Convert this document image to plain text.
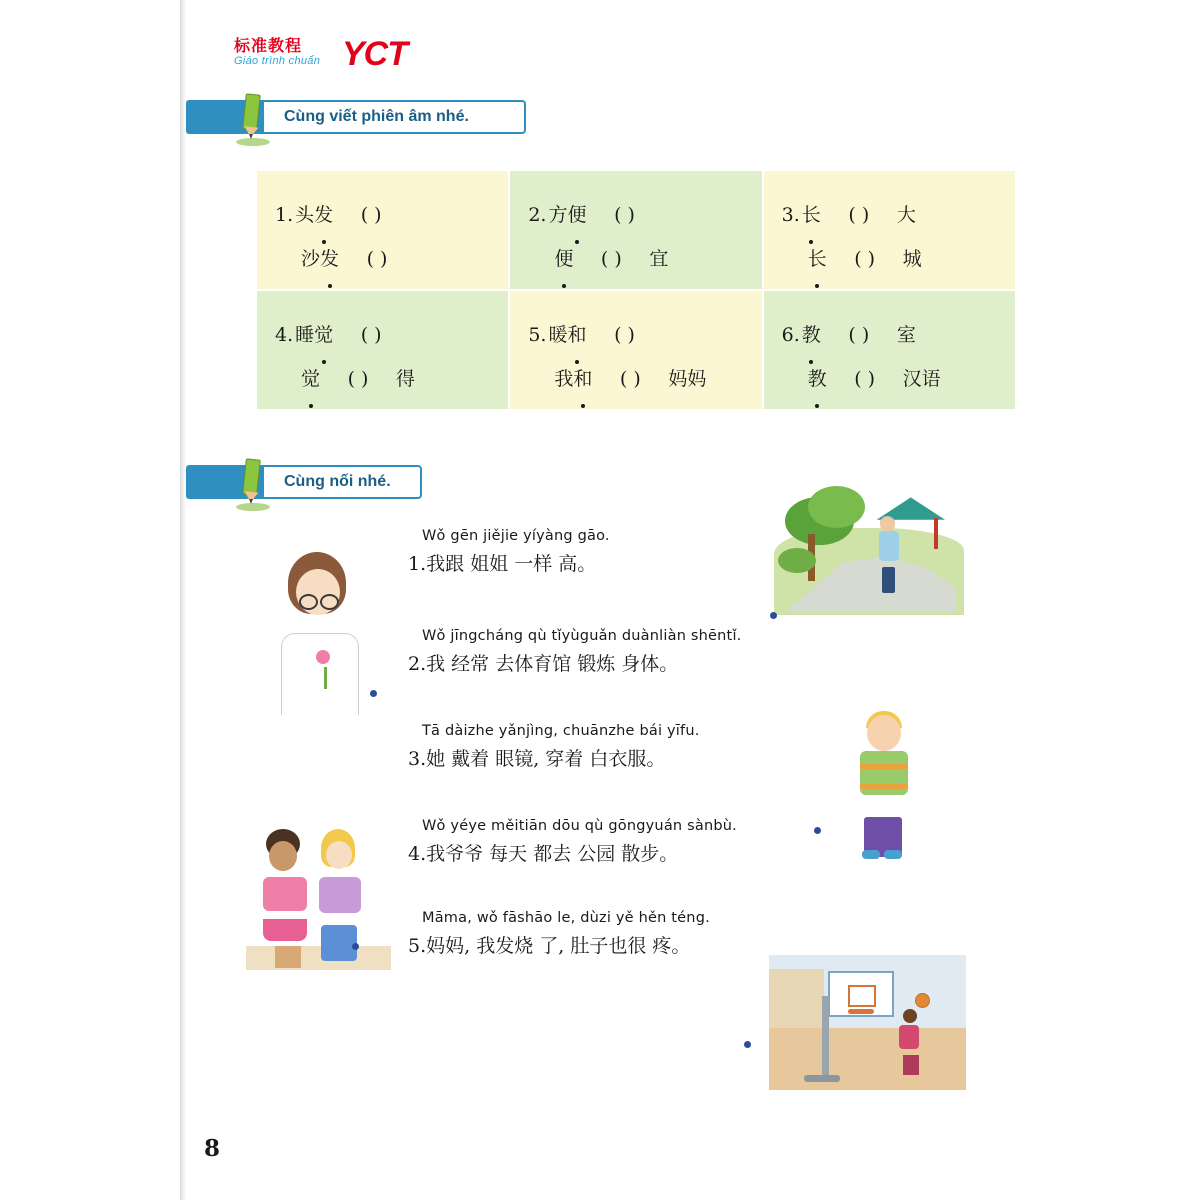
标准教程
Giáo trình chuẩn YCT
Cùng viết phiên âm nhé.
1. 头发 ( )
沙发 ( )
2. 方便 ( )
便 ( ) 宜
3. 长 ( ) 大
长 ( ) 城
4. 睡觉 ( )
觉 ( ) 得
5. 暖和 ( )
我和 ( ) 妈妈
6. 教 ( ) 室
教 ( ) 汉语
Cùng nối nhé.
Wǒ gēn jiějie yíyàng gāo.
1.我跟 姐姐 一样 高。
Wǒ jīngcháng qù tǐyùguǎn duànliàn shēntǐ.
2.我 经常 去体育馆 锻炼 身体。
Tā dàizhe yǎnjìng, chuānzhe bái yīfu.
3.她 戴着 眼镜, 穿着 白衣服。
Wǒ yéye měitiān dōu qù gōngyuán sànbù.
4.我爷爷 每天 都去 公园 散步。
Māma, wǒ fāshāo le, dùzi yě hěn téng.
5.妈妈, 我发烧 了, 肚子也很 疼。
8
